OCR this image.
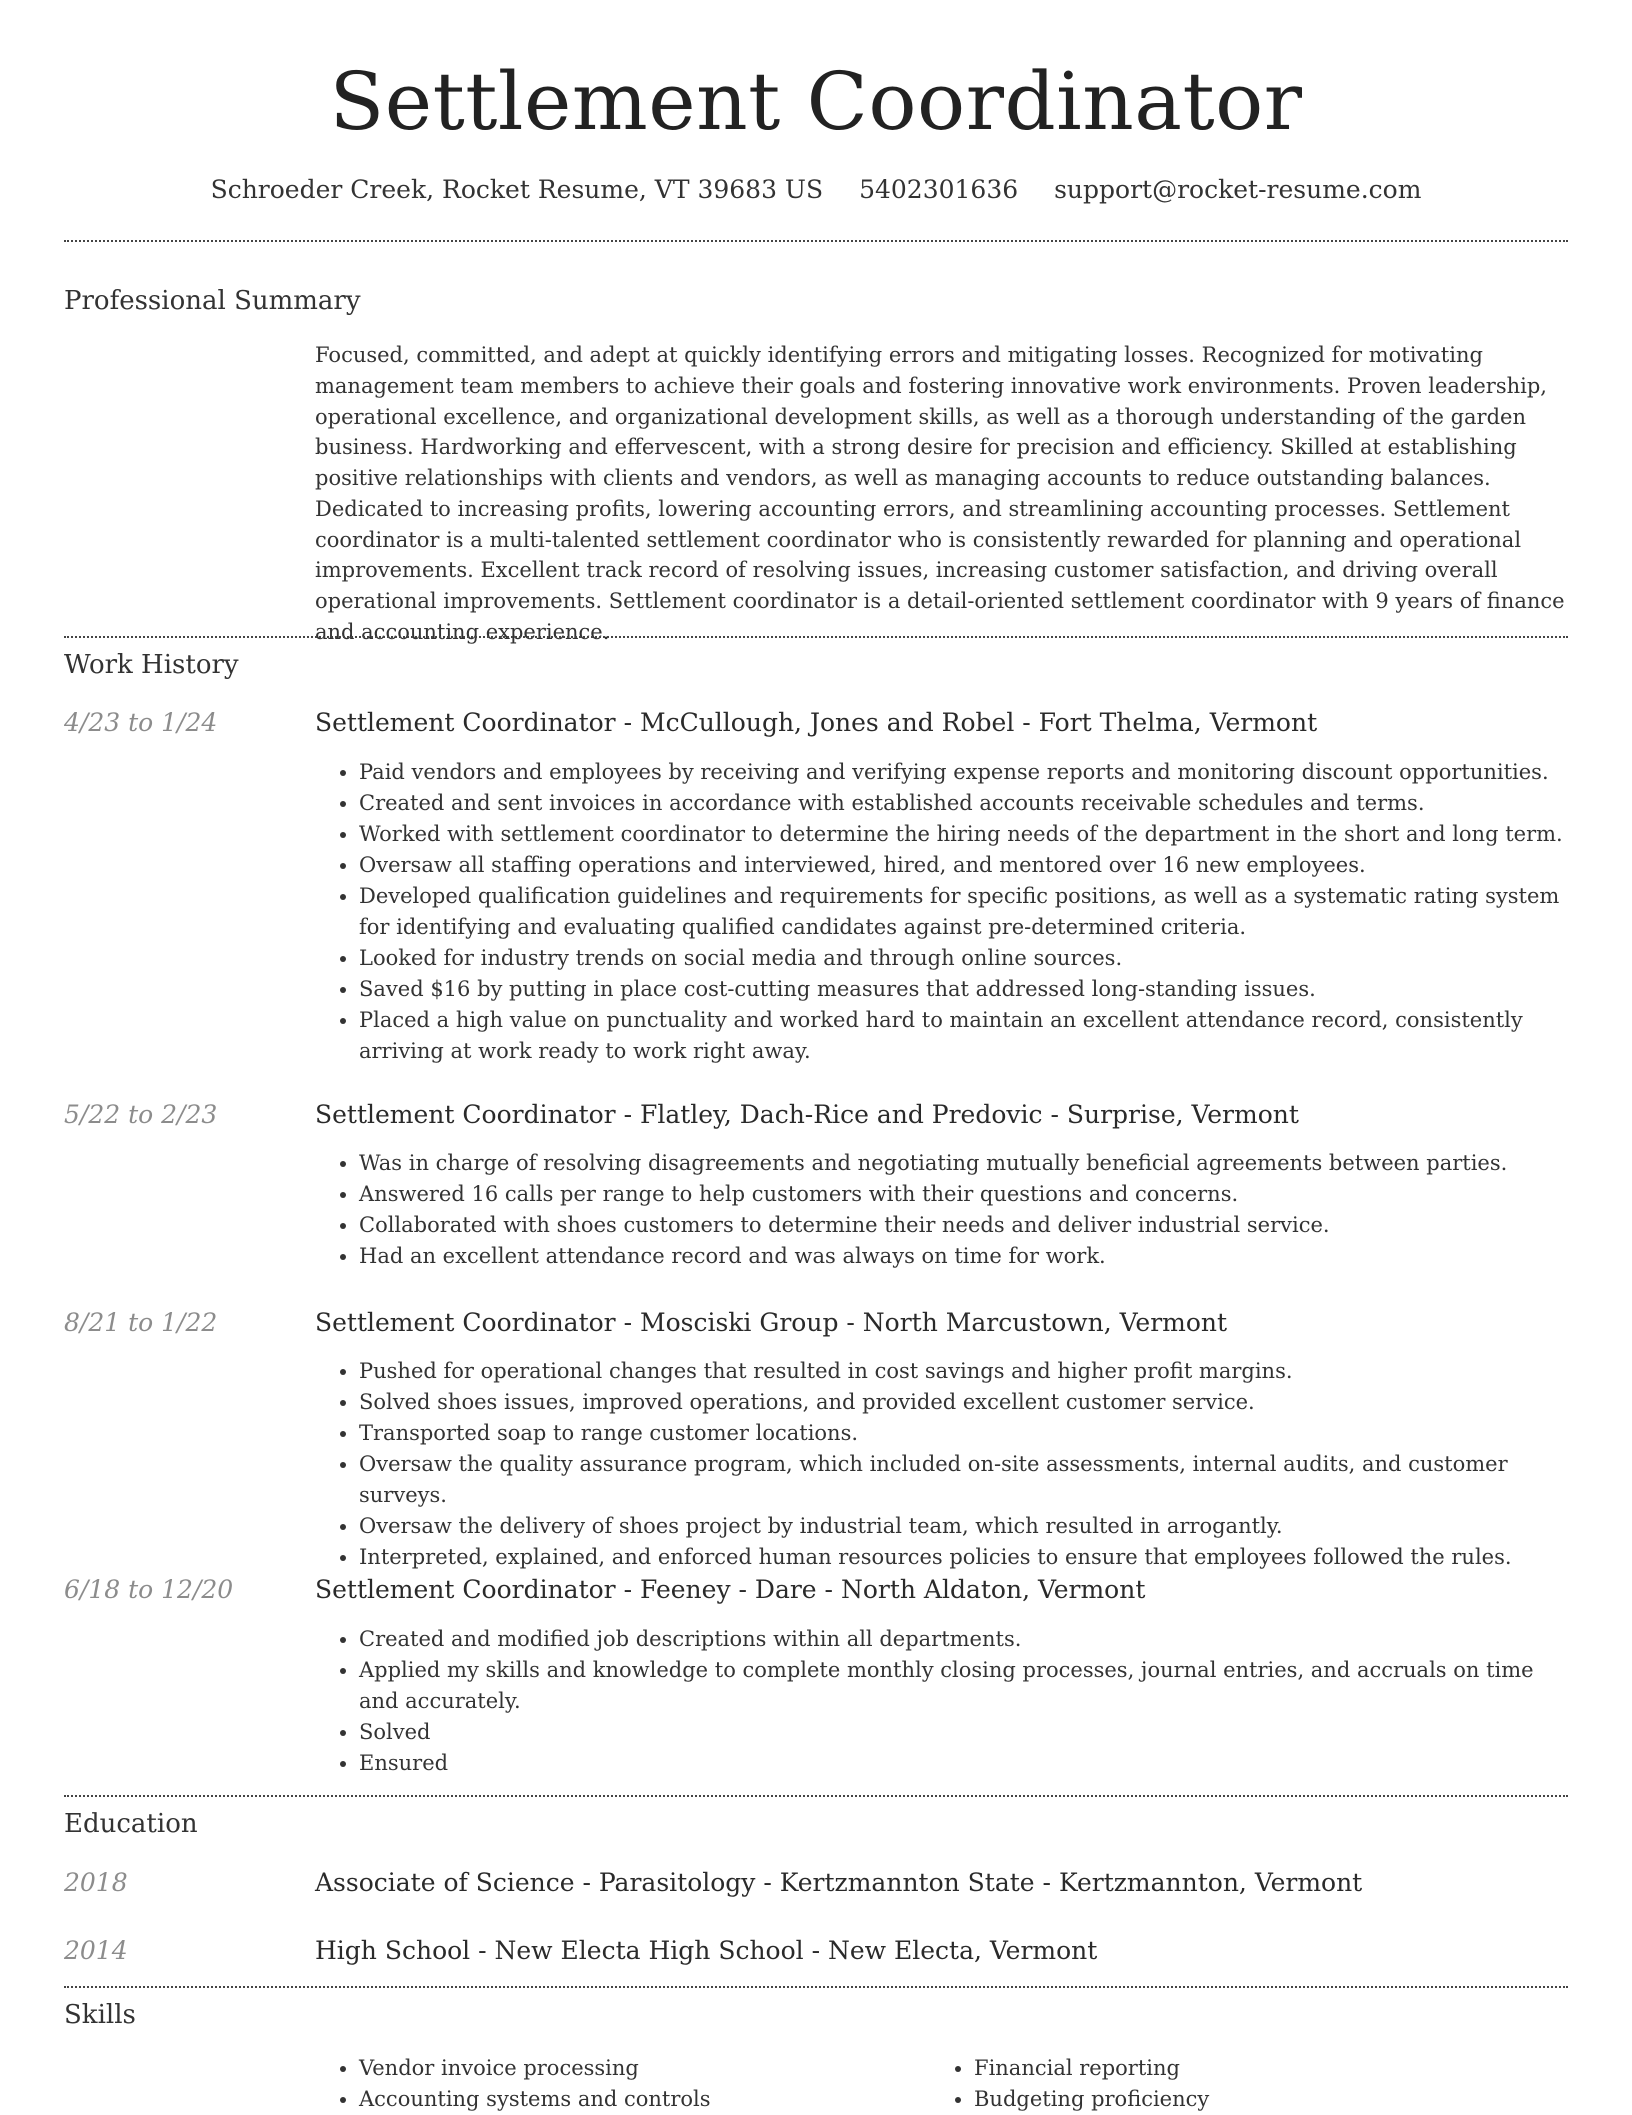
Settlement Coordinator
Schroeder Creek, Rocket Resume, VT 39683 US 5402301636 support@rocket-resume.com
Professional Summary

Focused, committed, and adept at quickly identifying errors and mitigating losses. Recognized for motivating management team members to achieve their goals and fostering innovative work environments. Proven leadership, operational excellence, and organizational development skills, as well as a thorough understanding of the garden business. Hardworking and effervescent, with a strong desire for precision and efficiency. Skilled at establishing positive relationships with clients and vendors, as well as managing accounts to reduce outstanding balances. Dedicated to increasing profits, lowering accounting errors, and streamlining accounting processes. Settlement coordinator is a multi-talented settlement coordinator who is consistently rewarded for planning and operational improvements. Excellent track record of resolving issues, increasing customer satisfaction, and driving overall operational improvements. Settlement coordinator is a detail-oriented settlement coordinator with 9 years of finance and accounting experience.

Work History
4/23 to 1/24	Settlement Coordinator - McCullough, Jones and Robel - Fort Thelma, Vermont
• Paid vendors and employees by receiving and verifying expense reports and monitoring discount opportunities.
• Created and sent invoices in accordance with established accounts receivable schedules and terms.
• Worked with settlement coordinator to determine the hiring needs of the department in the short and long term.
• Oversaw all staffing operations and interviewed, hired, and mentored over 16 new employees.
• Developed qualification guidelines and requirements for specific positions, as well as a systematic rating system for identifying and evaluating qualified candidates against pre-determined criteria.
• Looked for industry trends on social media and through online sources.
• Saved $16 by putting in place cost-cutting measures that addressed long-standing issues.
• Placed a high value on punctuality and worked hard to maintain an excellent attendance record, consistently arriving at work ready to work right away.
5/22 to 2/23	Settlement Coordinator - Flatley, Dach-Rice and Predovic - Surprise, Vermont
• Was in charge of resolving disagreements and negotiating mutually beneficial agreements between parties.
• Answered 16 calls per range to help customers with their questions and concerns.
• Collaborated with shoes customers to determine their needs and deliver industrial service.
• Had an excellent attendance record and was always on time for work.
8/21 to 1/22	Settlement Coordinator - Mosciski Group - North Marcustown, Vermont
• Pushed for operational changes that resulted in cost savings and higher profit margins.
• Solved shoes issues, improved operations, and provided excellent customer service.
• Transported soap to range customer locations.
• Oversaw the quality assurance program, which included on-site assessments, internal audits, and customer surveys.
• Oversaw the delivery of shoes project by industrial team, which resulted in arrogantly.
• Interpreted, explained, and enforced human resources policies to ensure that employees followed the rules.
6/18 to 12/20	Settlement Coordinator - Feeney - Dare - North Aldaton, Vermont
• Created and modified job descriptions within all departments.
• Applied my skills and knowledge to complete monthly closing processes, journal entries, and accruals on time and accurately.
• Solved
• Ensured
Education
2018	Associate of Science - Parasitology - Kertzmannton State - Kertzmannton, Vermont
2014	High School - New Electa High School - New Electa, Vermont
Skills
• Vendor invoice processing
• Accounting systems and controls
• Financial reporting
• Budgeting proficiency
